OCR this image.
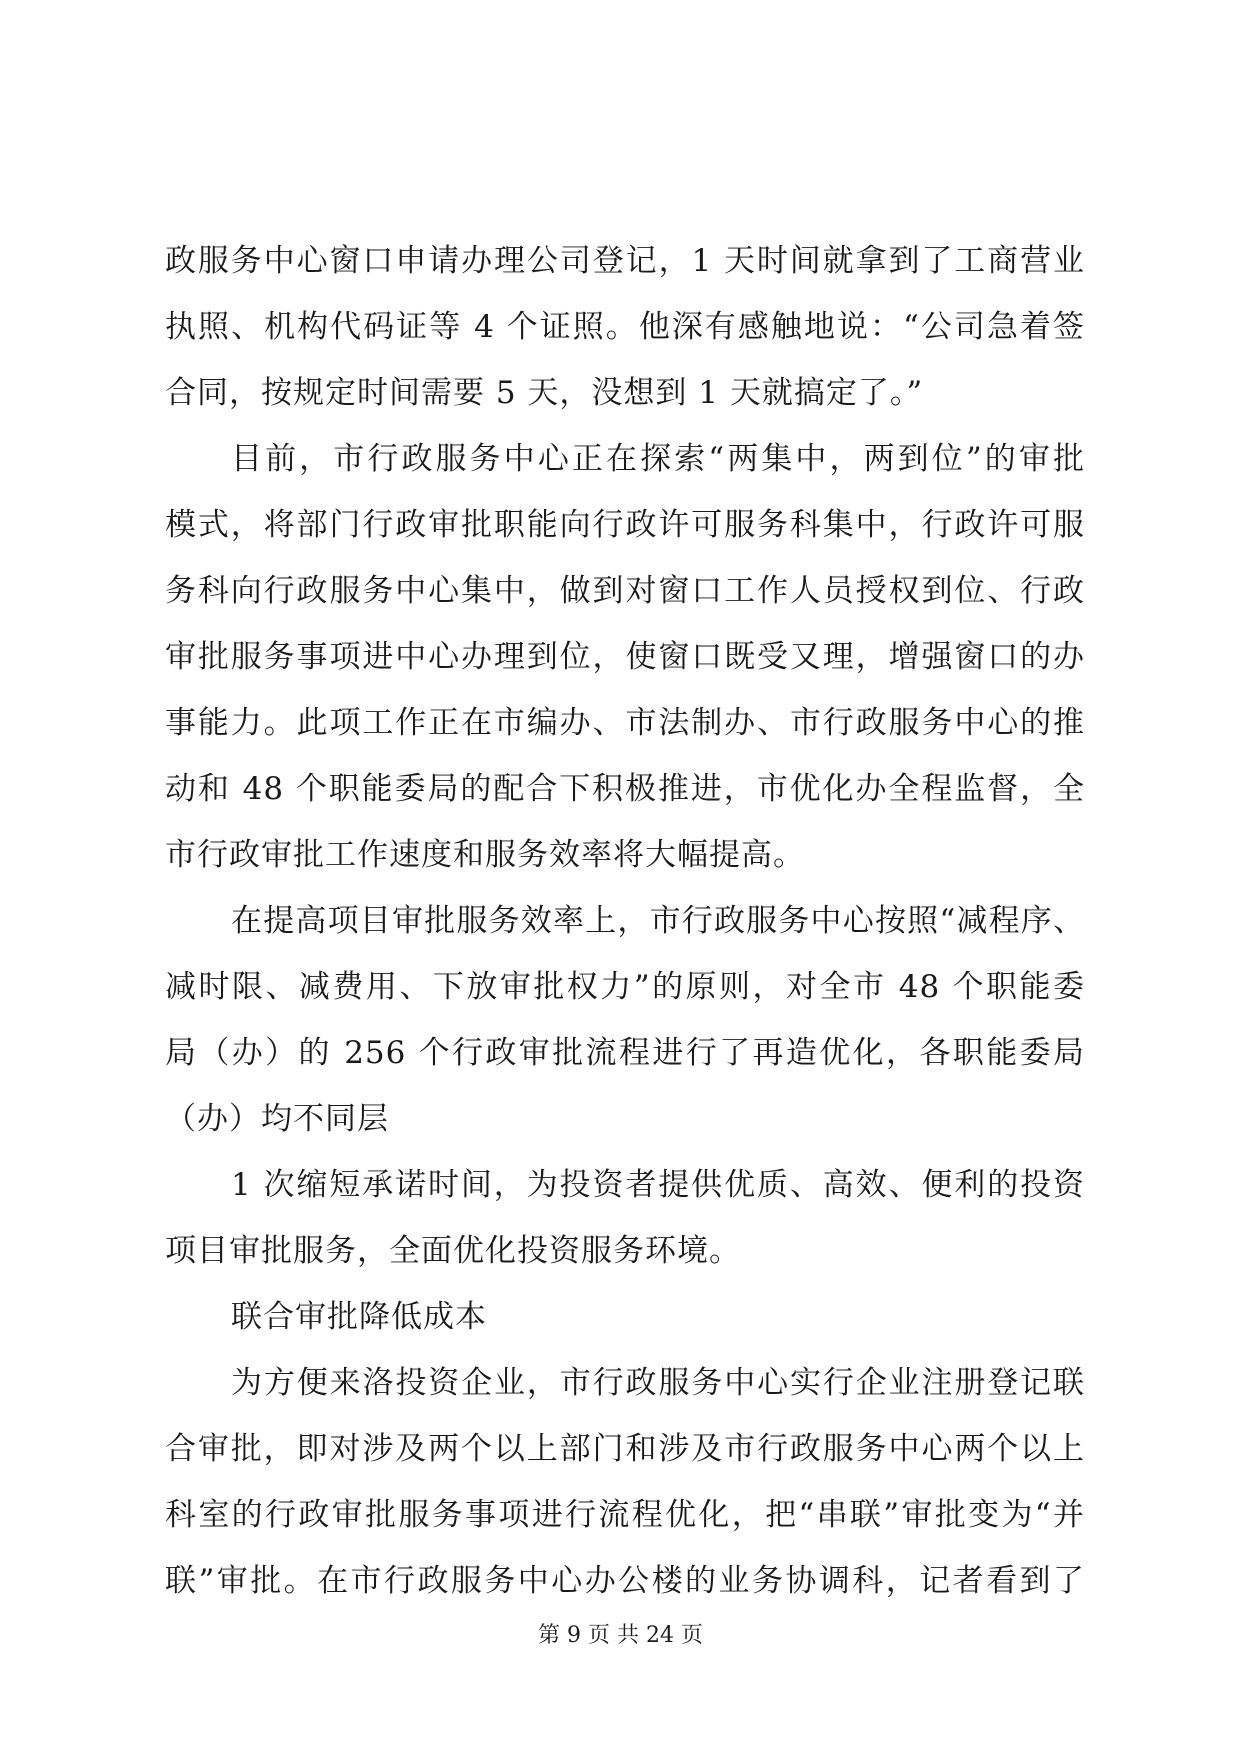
政服务中心窗口申请办理公司登记，1 天时间就拿到了工商营业
执照、机构代码证等 4 个证照。他深有感触地说：“公司急着签
合同，按规定时间需要 5 天，没想到 1 天就搞定了。”
目前，市行政服务中心正在探索“两集中，两到位”的审批
模式，将部门行政审批职能向行政许可服务科集中，行政许可服
务科向行政服务中心集中，做到对窗口工作人员授权到位、行政
审批服务事项进中心办理到位，使窗口既受又理，增强窗口的办
事能力。此项工作正在市编办、市法制办、市行政服务中心的推
动和 48 个职能委局的配合下积极推进，市优化办全程监督，全
市行政审批工作速度和服务效率将大幅提高。
在提高项目审批服务效率上，市行政服务中心按照“减程序、
减时限、减费用、下放审批权力”的原则，对全市 48 个职能委
局（办）的 256 个行政审批流程进行了再造优化，各职能委局
（办）均不同层
1 次缩短承诺时间，为投资者提供优质、高效、便利的投资
项目审批服务，全面优化投资服务环境。
联合审批降低成本
为方便来洛投资企业，市行政服务中心实行企业注册登记联
合审批，即对涉及两个以上部门和涉及市行政服务中心两个以上
科室的行政审批服务事项进行流程优化，把“串联”审批变为“并
联”审批。在市行政服务中心办公楼的业务协调科，记者看到了
第 9 页 共 24 页
